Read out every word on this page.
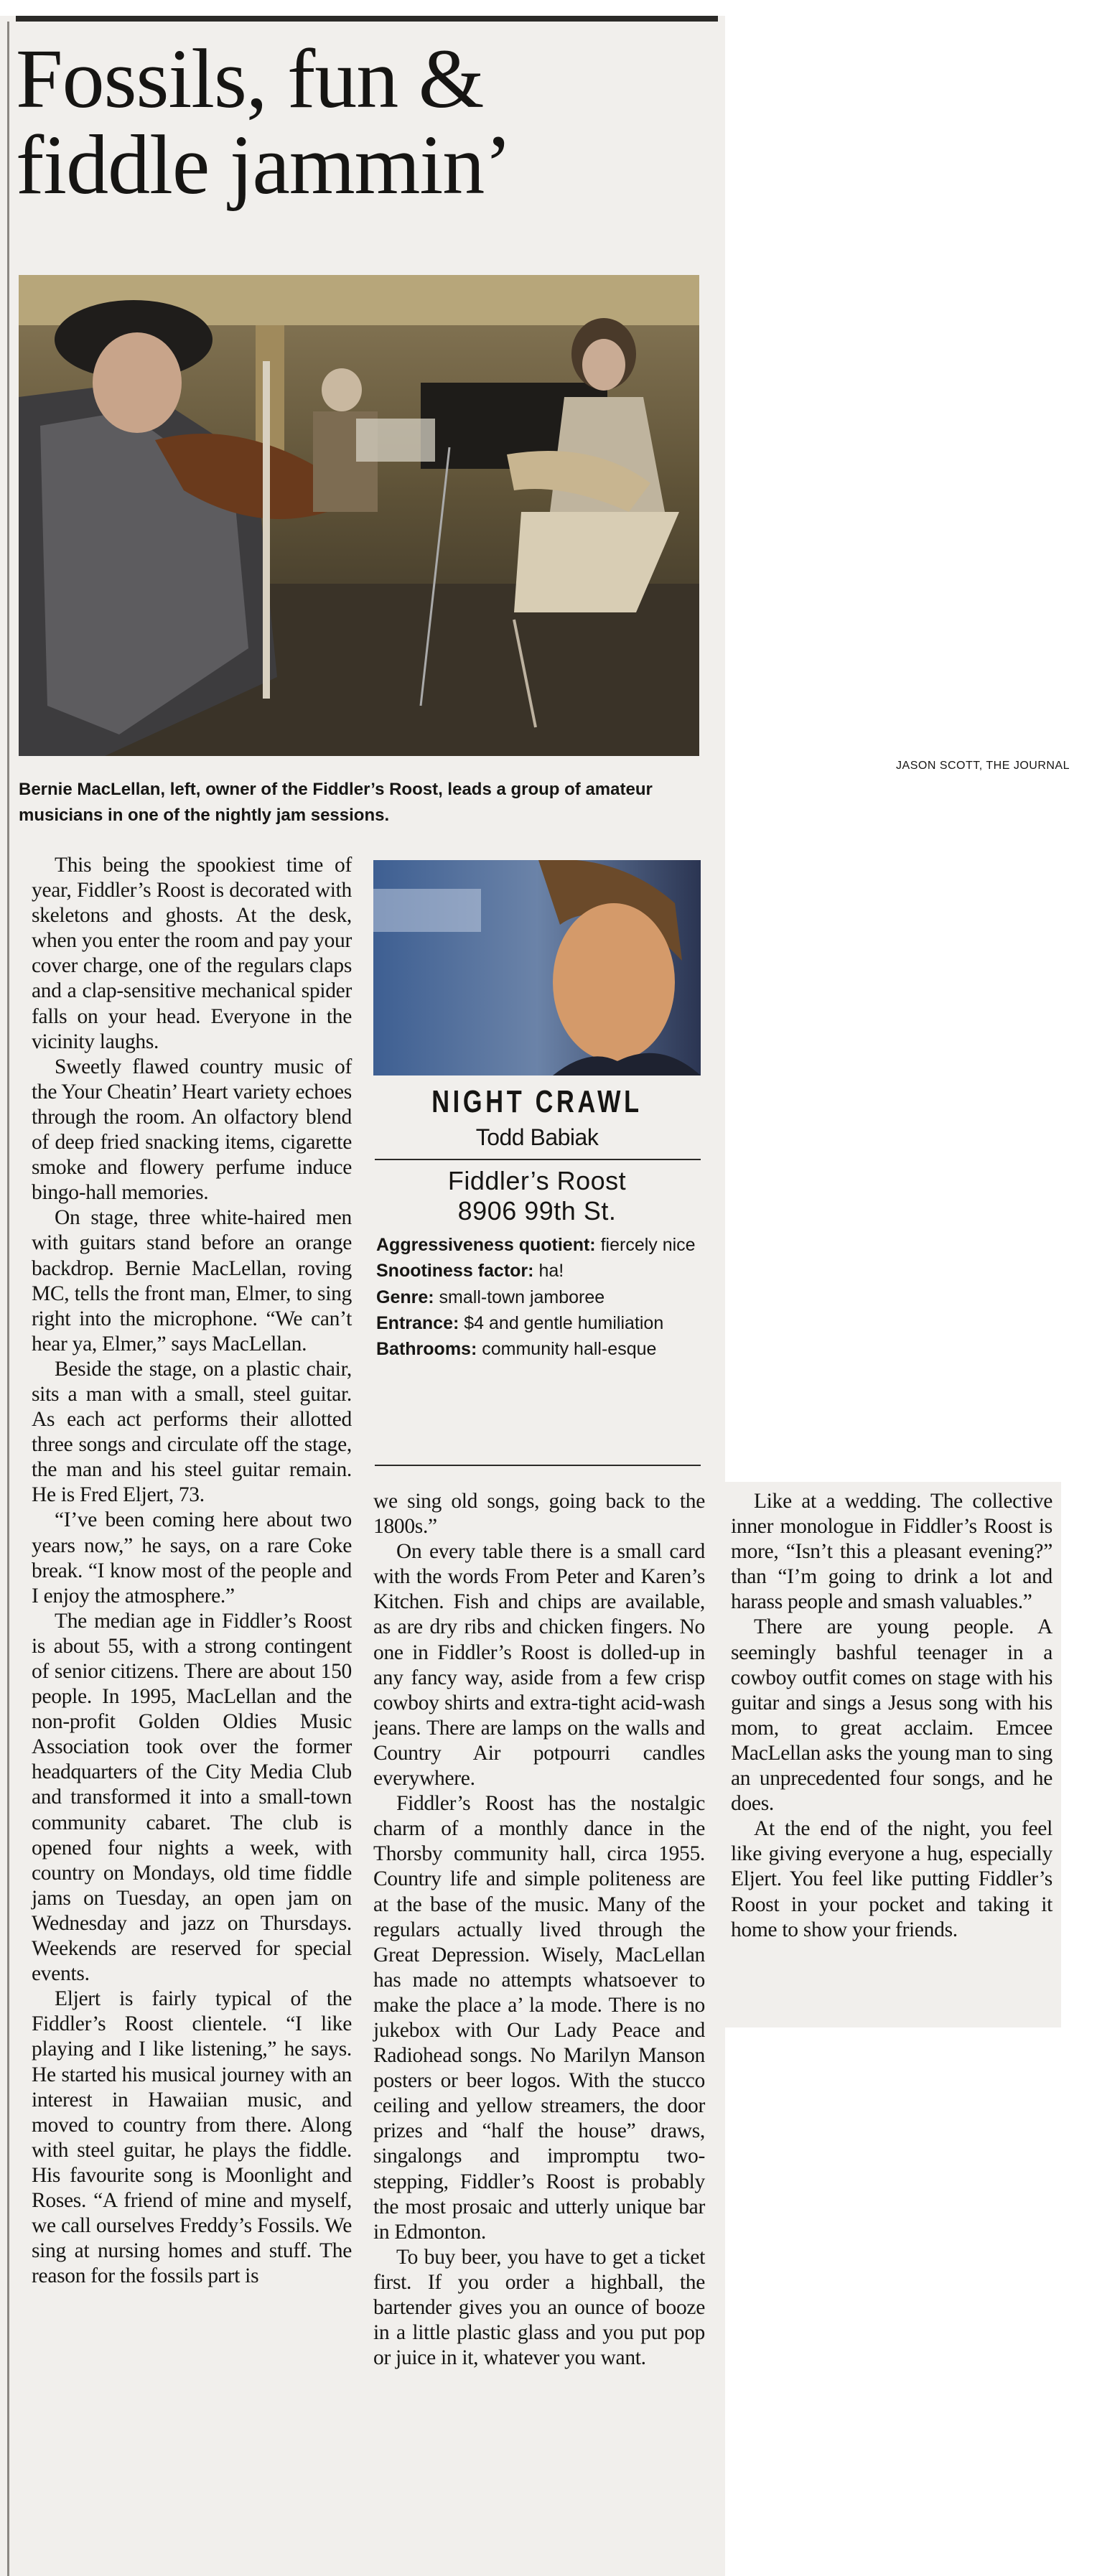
Fossils, fun &
fiddle jammin’
JASON SCOTT, THE JOURNAL
Bernie MacLellan, left, owner of the Fiddler’s Roost, leads a group of amateur musicians in one of the nightly jam sessions.

This being the spookiest time of year, Fiddler’s Roost is decorated with skeletons and ghosts. At the desk, when you enter the room and pay your cover charge, one of the regulars claps and a clap-sensitive mechanical spider falls on your head. Everyone in the vicinity laughs.

Sweetly flawed country music of the Your Cheatin’ Heart variety echoes through the room. An olfactory blend of deep fried snacking items, cigarette smoke and flowery perfume induce bingo-hall memories.

On stage, three white-haired men with guitars stand before an orange backdrop. Bernie MacLellan, roving MC, tells the front man, Elmer, to sing right into the microphone. “We can’t hear ya, Elmer,” says MacLellan.

Beside the stage, on a plastic chair, sits a man with a small, steel guitar. As each act performs their allotted three songs and circulate off the stage, the man and his steel guitar remain. He is Fred Eljert, 73.

“I’ve been coming here about two years now,” he says, on a rare Coke break. “I know most of the people and I enjoy the atmosphere.”

The median age in Fiddler’s Roost is about 55, with a strong contingent of senior citizens. There are about 150 people. In 1995, MacLellan and the non-profit Golden Oldies Music Association took over the former headquarters of the City Media Club and transformed it into a small-town community cabaret. The club is opened four nights a week, with country on Mondays, old time fiddle jams on Tuesday, an open jam on Wednesday and jazz on Thursdays. Weekends are reserved for special events.

Eljert is fairly typical of the Fiddler’s Roost clientele. “I like playing and I like listening,” he says. He started his musical journey with an interest in Hawaiian music, and moved to country from there. Along with steel guitar, he plays the fiddle. His favourite song is Moonlight and Roses. “A friend of mine and myself, we call ourselves Freddy’s Fossils. We sing at nursing homes and stuff. The reason for the fossils part is

NIGHT CRAWL
Todd Babiak
Fiddler’s Roost
8906 99th St.

Aggressiveness quotient: fiercely nice

Snootiness factor: ha!

Genre: small-town jamboree

Entrance: $4 and gentle humiliation

Bathrooms: community hall-esque

we sing old songs, going back to the 1800s.”

On every table there is a small card with the words From Peter and Karen’s Kitchen. Fish and chips are available, as are dry ribs and chicken fingers. No one in Fiddler’s Roost is dolled-up in any fancy way, aside from a few crisp cowboy shirts and extra-tight acid-wash jeans. There are lamps on the walls and Country Air potpourri candles everywhere.

Fiddler’s Roost has the nostalgic charm of a monthly dance in the Thorsby community hall, circa 1955. Country life and simple politeness are at the base of the music. Many of the regulars actually lived through the Great Depression. Wisely, MacLellan has made no attempts whatsoever to make the place a’ la mode. There is no jukebox with Our Lady Peace and Radiohead songs. No Marilyn Manson posters or beer logos. With the stucco ceiling and yellow streamers, the door prizes and “half the house” draws, singalongs and impromptu two-stepping, Fiddler’s Roost is probably the most prosaic and utterly unique bar in Edmonton.

To buy beer, you have to get a ticket first. If you order a highball, the bartender gives you an ounce of booze in a little plastic glass and you put pop or juice in it, whatever you want.

Like at a wedding. The collective inner monologue in Fiddler’s Roost is more, “Isn’t this a pleasant evening?” than “I’m going to drink a lot and harass people and smash valuables.”

There are young people. A seemingly bashful teenager in a cowboy outfit comes on stage with his guitar and sings a Jesus song with his mom, to great acclaim. Emcee MacLellan asks the young man to sing an unprecedented four songs, and he does.

At the end of the night, you feel like giving everyone a hug, especially Eljert. You feel like putting Fiddler’s Roost in your pocket and taking it home to show your friends.
